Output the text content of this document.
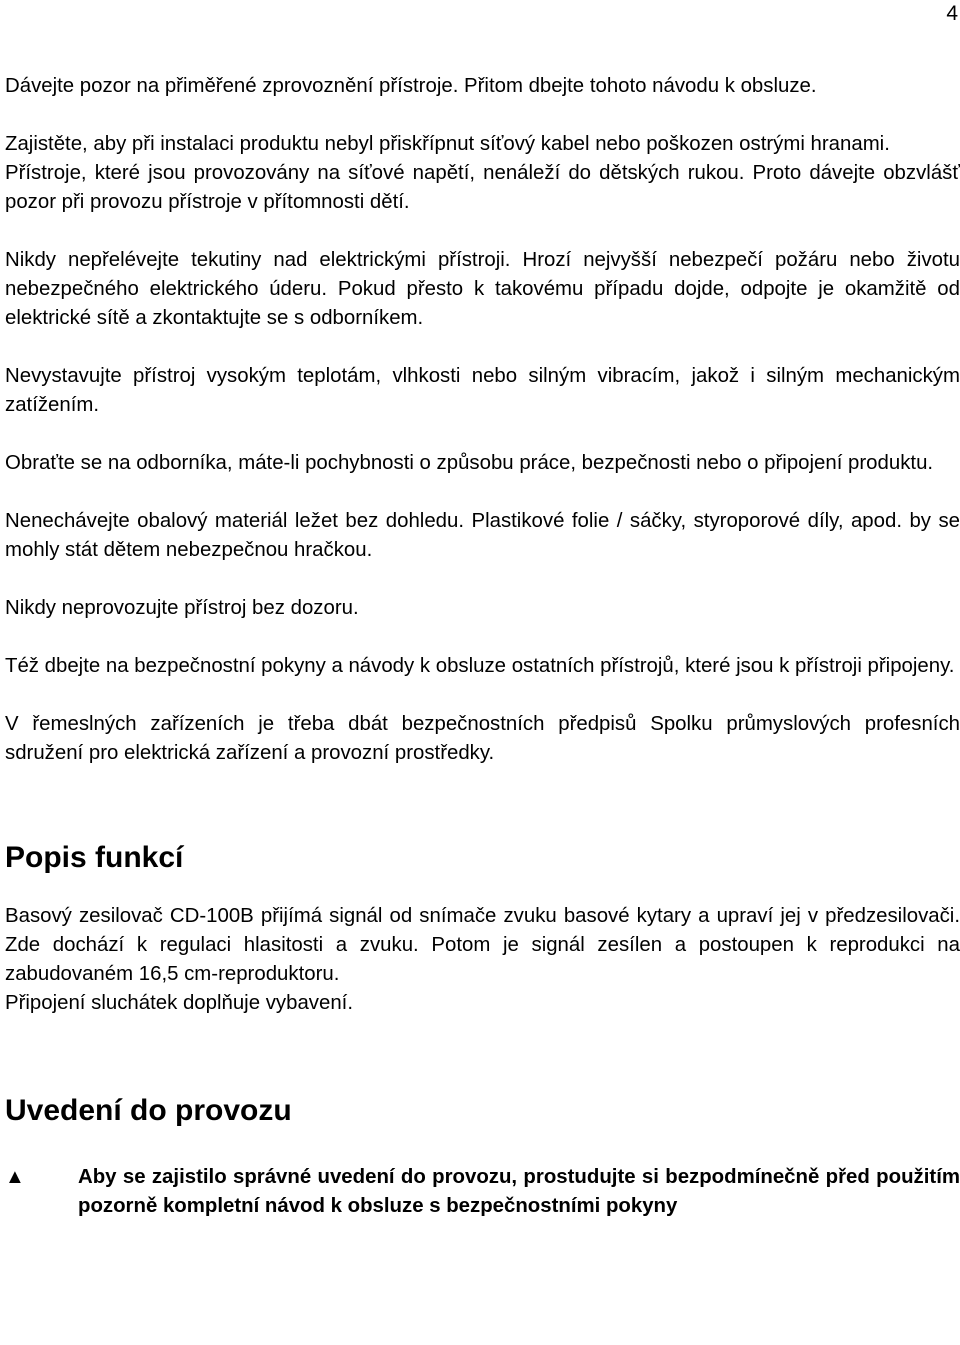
4

Dávejte pozor na přiměřené zprovoznění přístroje. Přitom dbejte tohoto návodu k obsluze.

Zajistěte, aby při instalaci produktu nebyl přiskřípnut síťový kabel nebo poškozen ostrými hranami.

Přístroje, které jsou provozovány na síťové napětí, nenáleží do dětských rukou. Proto dávejte obzvlášť pozor při provozu přístroje v přítomnosti dětí.

Nikdy nepřelévejte tekutiny nad elektrickými přístroji. Hrozí nejvyšší nebezpečí požáru nebo životu nebezpečného elektrického úderu. Pokud přesto k takovému případu dojde, odpojte je okamžitě od elektrické sítě a zkontaktujte se s odborníkem.

Nevystavujte přístroj vysokým teplotám, vlhkosti nebo silným vibracím, jakož i silným mechanickým zatížením.

Obraťte se na odborníka, máte-li pochybnosti o způsobu práce, bezpečnosti nebo o připojení produktu.

Nenechávejte obalový materiál ležet bez dohledu. Plastikové folie / sáčky, styroporové díly, apod. by se mohly stát dětem nebezpečnou hračkou.

Nikdy neprovozujte přístroj bez dozoru.

Též dbejte na bezpečnostní pokyny a návody k obsluze ostatních přístrojů, které jsou k přístroji připojeny.

V řemeslných zařízeních je třeba dbát bezpečnostních předpisů Spolku průmyslových profesních sdružení pro elektrická zařízení a provozní prostředky.

Popis funkcí

Basový zesilovač CD-100B přijímá signál od snímače zvuku basové kytary a upraví jej v předzesilovači. Zde dochází k regulaci hlasitosti a zvuku. Potom je signál zesílen a postoupen k reprodukci na zabudovaném 16,5 cm-reproduktoru.

Připojení sluchátek doplňuje vybavení.

Uvedení do provozu
▲	Aby se zajistilo správné uvedení do provozu, prostudujte si bezpodmínečně před použitím pozorně kompletní návod k obsluze s bezpečnostními pokyny
